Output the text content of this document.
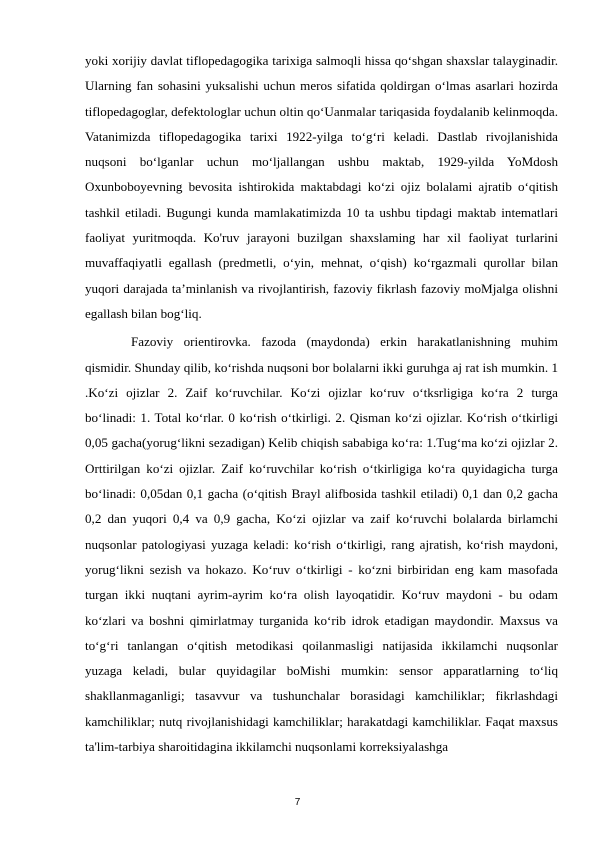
yoki xorijiy davlat tiflopedagogika tarixiga salmoqli hissa qo‘shgan shaxslar talayginadir. Ularning fan sohasini yuksalishi uchun meros sifatida qoldirgan o‘lmas asarlari hozirda tiflopedagoglar, defektologlar uchun oltin qo‘Uanmalar tariqasida foydalanib kelinmoqda. Vatanimizda tiflopedagogika tarixi 1922-yilga to‘g‘ri keladi. Dastlab rivojlanishida nuqsoni bo‘lganlar uchun mo‘ljallangan ushbu maktab, 1929-yilda YoMdosh Oxunboboyevning bevosita ishtirokida maktabdagi ko‘zi ojiz bolalami ajratib o‘qitish tashkil etiladi. Bugungi kunda mamlakatimizda 10 ta ushbu tipdagi maktab intematlari faoliyat yuritmoqda. Ko'ruv jarayoni buzilgan shaxslaming har xil faoliyat turlarini muvaffaqiyatli egallash (predmetli, o‘yin, mehnat, o‘qish) ko‘rgazmali qurollar bilan yuqori darajada ta’minlanish va rivojlantirish, fazoviy fikrlash fazoviy moMjalga olishni egallash bilan bog‘liq.

Fazoviy orientirovka. fazoda (maydonda) erkin harakatlanishning muhim qismidir. Shunday qilib, ko‘rishda nuqsoni bor bolalarni ikki guruhga aj rat ish mumkin. 1 .Ko‘zi ojizlar 2. Zaif ko‘ruvchilar. Ko‘zi ojizlar ko‘ruv o‘tksrligiga ko‘ra 2 turga bo‘linadi: 1. Total ko‘rlar. 0 ko‘rish o‘tkirligi. 2. Qisman ko‘zi ojizlar. Ko‘rish o‘tkirligi 0,05 gacha(yorug‘likni sezadigan) Kelib chiqish sababiga ko‘ra: 1.Tug‘ma ko‘zi ojizlar 2. Orttirilgan ko‘zi ojizlar. Zaif ko‘ruvchilar ko‘rish o‘tkirligiga ko‘ra quyidagicha turga bo‘linadi: 0,05dan 0,1 gacha (o‘qitish Brayl alifbosida tashkil etiladi) 0,1 dan 0,2 gacha 0,2 dan yuqori 0,4 va 0,9 gacha, Ko‘zi ojizlar va zaif ko‘ruvchi bolalarda birlamchi nuqsonlar patologiyasi yuzaga keladi: ko‘rish o‘tkirligi, rang ajratish, ko‘rish maydoni, yorug‘likni sezish va hokazo. Ko‘ruv o‘tkirligi - ko‘zni birbiridan eng kam masofada turgan ikki nuqtani ayrim-ayrim ko‘ra olish layoqatidir. Ko‘ruv maydoni - bu odam ko‘zlari va boshni qimirlatmay turganida ko‘rib idrok etadigan maydondir. Maxsus va to‘g‘ri tanlangan o‘qitish metodikasi qoilanmasligi natijasida ikkilamchi nuqsonlar yuzaga keladi, bular quyidagilar boMishi mumkin: sensor apparatlarning to‘liq shakllanmaganligi; tasavvur va tushunchalar borasidagi kamchiliklar; fikrlashdagi kamchiliklar; nutq rivojlanishidagi kamchiliklar; harakatdagi kamchiliklar. Faqat maxsus ta'lim-tarbiya sharoitidagina ikkilamchi nuqsonlami korreksiyalashga

7
